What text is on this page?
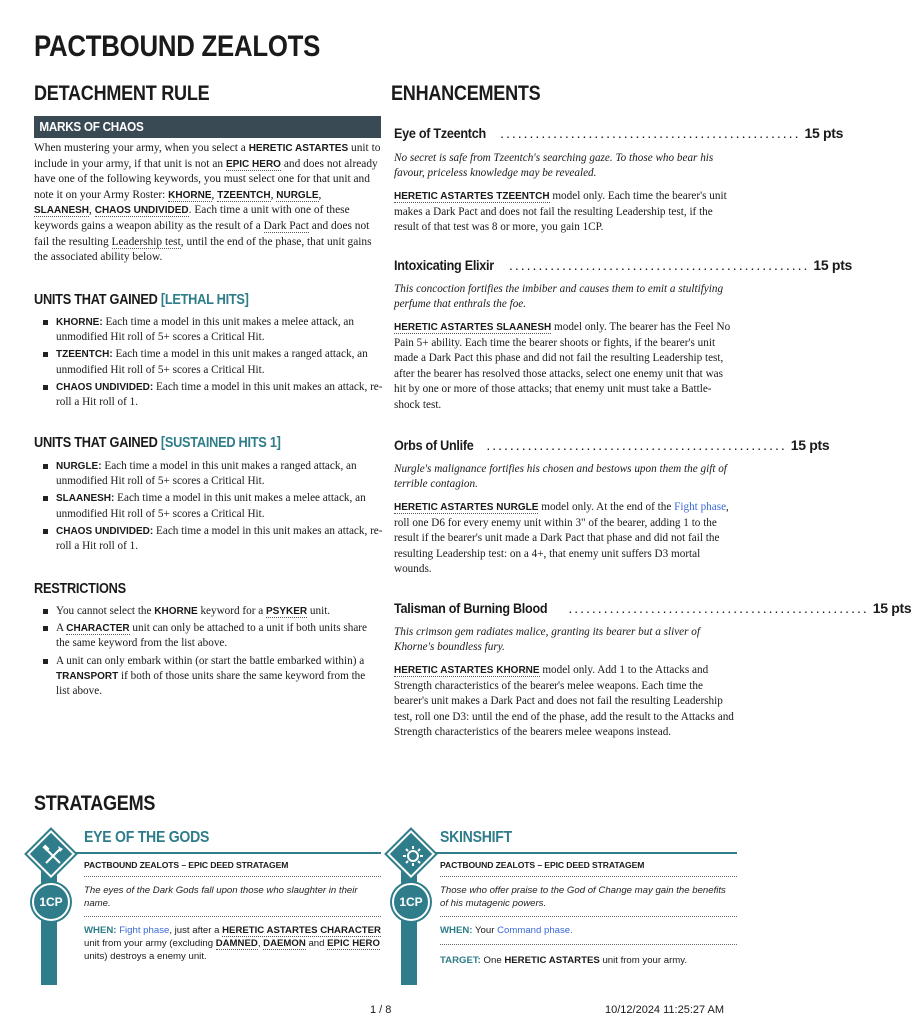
PACTBOUND ZEALOTS
DETACHMENT RULE
MARKS OF CHAOS
When mustering your army, when you select a HERETIC ASTARTES unit to include in your army, if that unit is not an EPIC HERO and does not already have one of the following keywords, you must select one for that unit and note it on your Army Roster: KHORNE, TZEENTCH, NURGLE, SLAANESH, CHAOS UNDIVIDED. Each time a unit with one of these keywords gains a weapon ability as the result of a Dark Pact and does not fail the resulting Leadership test, until the end of the phase, that unit gains the associated ability below.
UNITS THAT GAINED [LETHAL HITS]
KHORNE: Each time a model in this unit makes a melee attack, an unmodified Hit roll of 5+ scores a Critical Hit.
TZEENTCH: Each time a model in this unit makes a ranged attack, an unmodified Hit roll of 5+ scores a Critical Hit.
CHAOS UNDIVIDED: Each time a model in this unit makes an attack, re-roll a Hit roll of 1.
UNITS THAT GAINED [SUSTAINED HITS 1]
NURGLE: Each time a model in this unit makes a ranged attack, an unmodified Hit roll of 5+ scores a Critical Hit.
SLAANESH: Each time a model in this unit makes a melee attack, an unmodified Hit roll of 5+ scores a Critical Hit.
CHAOS UNDIVIDED: Each time a model in this unit makes an attack, re-roll a Hit roll of 1.
RESTRICTIONS
You cannot select the KHORNE keyword for a PSYKER unit.
A CHARACTER unit can only be attached to a unit if both units share the same keyword from the list above.
A unit can only embark within (or start the battle embarked within) a TRANSPORT if both of those units share the same keyword from the list above.
ENHANCEMENTS
Eye of Tzeentch ................................................... 15 pts
No secret is safe from Tzeentch's searching gaze. To those who bear his favour, priceless knowledge may be revealed.
HERETIC ASTARTES TZEENTCH model only. Each time the bearer's unit makes a Dark Pact and does not fail the resulting Leadership test, if the result of that test was 8 or more, you gain 1CP.
Intoxicating Elixir ................................................... 15 pts
This concoction fortifies the imbiber and causes them to emit a stultifying perfume that enthrals the foe.
HERETIC ASTARTES SLAANESH model only. The bearer has the Feel No Pain 5+ ability. Each time the bearer shoots or fights, if the bearer's unit made a Dark Pact this phase and did not fail the resulting Leadership test, after the bearer has resolved those attacks, select one enemy unit that was hit by one or more of those attacks; that enemy unit must take a Battle-shock test.
Orbs of Unlife ................................................... 15 pts
Nurgle's malignance fortifies his chosen and bestows upon them the gift of terrible contagion.
HERETIC ASTARTES NURGLE model only. At the end of the Fight phase, roll one D6 for every enemy unit within 3" of the bearer, adding 1 to the result if the bearer's unit made a Dark Pact that phase and did not fail the resulting Leadership test: on a 4+, that enemy unit suffers D3 mortal wounds.
Talisman of Burning Blood ................................................... 15 pts
This crimson gem radiates malice, granting its bearer but a sliver of Khorne's boundless fury.
HERETIC ASTARTES KHORNE model only. Add 1 to the Attacks and Strength characteristics of the bearer's melee weapons. Each time the bearer's unit makes a Dark Pact and does not fail the resulting Leadership test, roll one D3: until the end of the phase, add the result to the Attacks and Strength characteristics of the bearers melee weapons instead.
STRATAGEMS
EYE OF THE GODS
PACTBOUND ZEALOTS – EPIC DEED STRATAGEM
1CP
The eyes of the Dark Gods fall upon those who slaughter in their name.
WHEN: Fight phase, just after a HERETIC ASTARTES CHARACTER unit from your army (excluding DAMNED, DAEMON and EPIC HERO units) destroys a enemy unit.
SKINSHIFT
PACTBOUND ZEALOTS – EPIC DEED STRATAGEM
1CP
Those who offer praise to the God of Change may gain the benefits of his mutagenic powers.
WHEN: Your Command phase.
TARGET: One HERETIC ASTARTES unit from your army.
1 / 8	10/12/2024 11:25:27 AM
